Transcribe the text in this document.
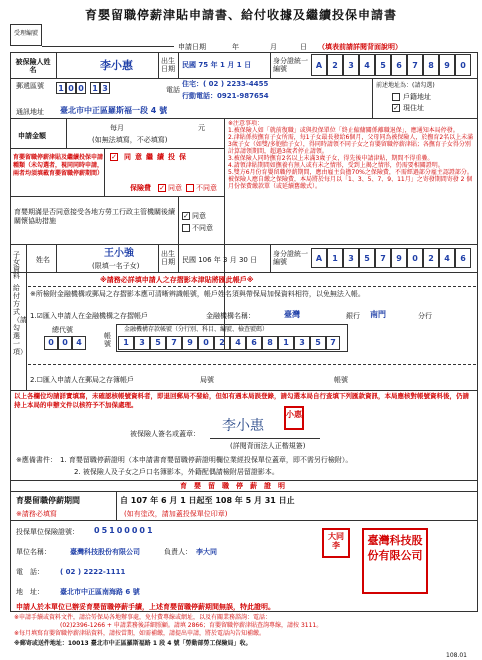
育嬰留職停薪津貼申請書、給付收據及繼續投保申請書
受理編號
申請日期	年	月	日 （填表前請詳閱背面說明）
被保險人姓名	李小惠	出生日期 民國 75 年 1 月 1 日	身分證統一編號	A	2	3	4	5	6	7	8	9	0
郵遞區號 1 0 0 1 3	電話
住宅：( 02 ) 2233-4455
行動電話：0921-987654
前述地址為：(請勾選)
戶籍地址
✓ 現住址
通訊地址 臺北市中正區羅斯福一段 4 號
申請金額
每月	元
(如無法填寫，不必填寫)
育嬰留職停薪津貼及繼續投保申請種類（未勾選者，視同同時申請，兩者均須填載育嬰留職停薪期間）
✓ 同意繼續投保
保險費 ✓ 同意 不同意
育嬰期滿是否同意接受各地方勞工行政主管機關後續關懷協助措施
✓ 同意
不同意
※注意事項：
1.被保險人如「就前復職」或與投保單位「終止僱傭關係離職退保」，應通知本局停發。
2.津貼係按撫育子女所需，每1子女最長發給6個月，父母同為被保險人，於撫育2名以上未滿3歲子女（如雙/多胞胎子女），得同時請領不同子女之育嬰留職停薪津貼；各撫育子女得分別計算請領期間，超過3歲者停止請領。
3.被保險人同時撫育2名以上未滿3歲子女，得先後申請津貼，期間不得重疊。
4.請領津貼期間如撫養有無人或有未之情形，受到上揭之情形，仍需要相關證明。
5.雙方6月份育嬰留職停薪期間，應由雇主負擔70%之保險費，不需經過部分雇主認證部分。被保險人應自繳之保險費，本局將於每月以「1、3、5、7、9、11月」之寄發期間寄發 2 個月份保費繳款單（或延續舊繳式）。
子女資料
姓名
王小強
(限填一名子女)
出生日期 民國 106 年 3 月 30 日
身分證統一編號	A	1	3	5	7	9	0	2	4	6
給付方式（請勾選一項）
※請務必詳填申請人之存摺影本津貼將匯此帳戶※
※所檢附金融機構或郵局之存摺影本應可清晰辨識帳號，帳戶姓名須與帶保局加保資料相符，以免無法入帳。
1.☑匯入申請人在金融機構之存摺帳戶	金融機構名稱：	臺灣	銀行 南門	分行
總代號
0	0	4
帳號
金融機構存款帳號（分行別、科目、編號、檢查號碼）
1	3	5	7	9	0	2	4	6	8	1	3	5	7
2.☐匯入申請人在郵局之存簿帳戶	局號	帳號
以上各欄位均請詳實填寫，未確認核帳號資料者，即退回郵局不發給，但如有遇本局誤登錄，請勾選本局自行查填下列匯款資訊，本局應核對帳號資料後，仍請持上本局的申辦文件以核符予不加保處理。
被保險人簽名或蓋章： 李小惠
小惠
(詳閱背面法人正楷規簽)
※應備書件： 1. 育嬰留職停薪證明（本申請書育嬰留職停薪證明欄位業經投保單位蓋章，即不需另行檢附）。
2. 被保險人及子女之戶口名簿影本，外籍配偶請檢附居留證影本。
育　嬰　留　職　停　薪　證　明
育嬰留職停薪期間
※請務必填寫
自 107 年 6 月 1 日起至 108 年 5 月 31 日止
(如有塗改，請加蓋投保單位印章)
投保單位保險證號： 05100001
單位名稱：	臺灣科技股份有限公司	負責人： 李大同
電　話： ( 02 ) 2222-1111
地　址： 臺北市中正區南海路 6 號
大同李	臺灣科技股份有限公司
申請人於本單位已辦妥育嬰留職停薪手續，上述育嬰留職停薪期間無誤，特此證明。
※申請手續或資料文件，請洽勞保局各地辦事處，免付費專線或網址，以及有關業務諮詢：電話：
(02)2396-1266 + 申請業務後詳細照顧。請填 2866；育嬰留職停薪津貼查詢專線，請按 3111。
※每月填寫育嬰留職停薪津貼資料，請按當期，如需補繳，請提出申請，將於電話內告知補繳。
※郵寄或送件地址：10013 臺北市中正區羅斯福路 1 段 4 號「勞動部勞工保險局」收。
108.01
